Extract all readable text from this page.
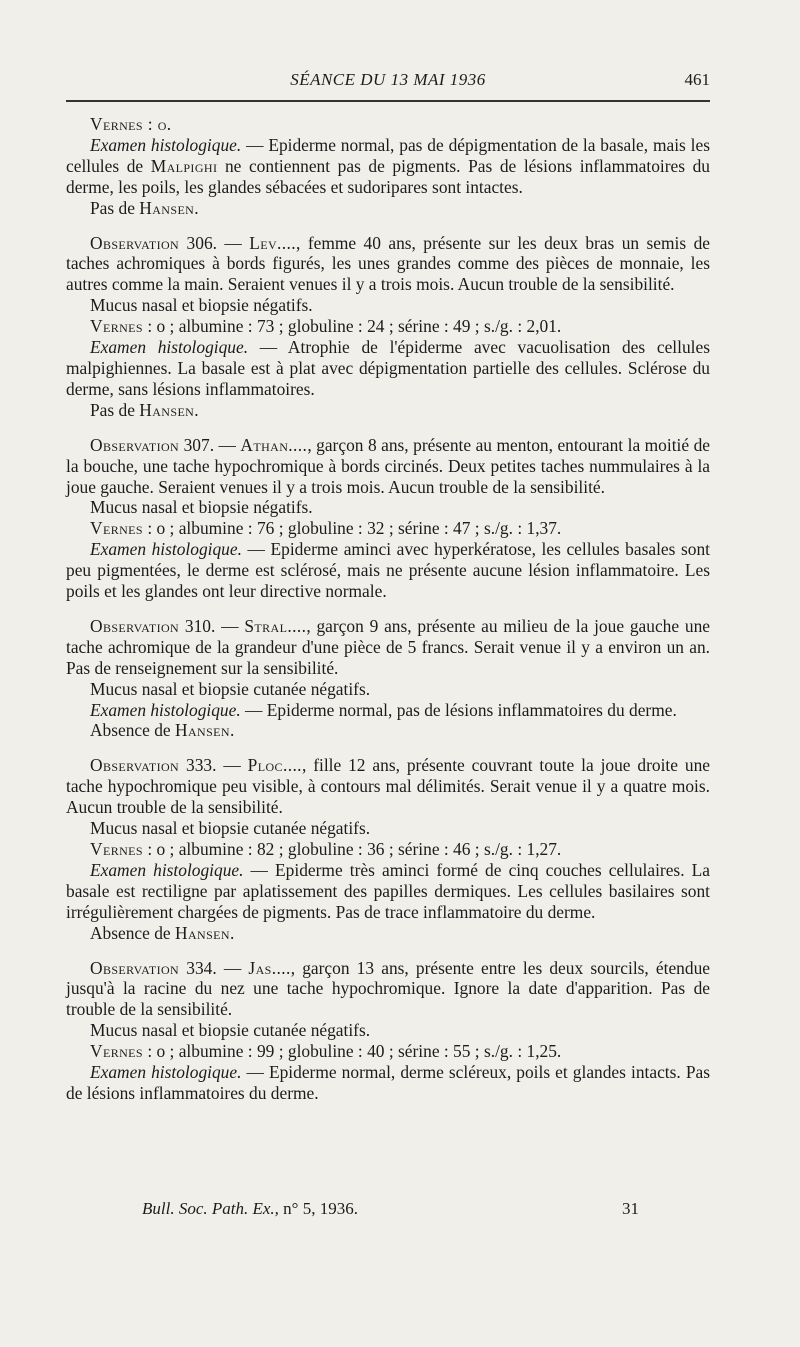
SÉANCE DU 13 MAI 1936	461

Vernes : o.

Examen histologique. — Epiderme normal, pas de dépigmentation de la basale, mais les cellules de Malpighi ne contiennent pas de pigments. Pas de lésions inflammatoires du derme, les poils, les glandes sébacées et sudoripares sont intactes.

Pas de Hansen.

Observation 306. — Lev...., femme 40 ans, présente sur les deux bras un semis de taches achromiques à bords figurés, les unes grandes comme des pièces de monnaie, les autres comme la main. Seraient venues il y a trois mois. Aucun trouble de la sensibilité.

Mucus nasal et biopsie négatifs.

Vernes : o ; albumine : 73 ; globuline : 24 ; sérine : 49 ; s./g. : 2,01.

Examen histologique. — Atrophie de l'épiderme avec vacuolisation des cellules malpighiennes. La basale est à plat avec dépigmentation partielle des cellules. Sclérose du derme, sans lésions inflammatoires.

Pas de Hansen.

Observation 307. — Athan...., garçon 8 ans, présente au menton, entourant la moitié de la bouche, une tache hypochromique à bords circinés. Deux petites taches nummulaires à la joue gauche. Seraient venues il y a trois mois. Aucun trouble de la sensibilité.

Mucus nasal et biopsie négatifs.

Vernes : o ; albumine : 76 ; globuline : 32 ; sérine : 47 ; s./g. : 1,37.

Examen histologique. — Epiderme aminci avec hyperkératose, les cellules basales sont peu pigmentées, le derme est sclérosé, mais ne présente aucune lésion inflammatoire. Les poils et les glandes ont leur directive normale.

Observation 310. — Stral...., garçon 9 ans, présente au milieu de la joue gauche une tache achromique de la grandeur d'une pièce de 5 francs. Serait venue il y a environ un an. Pas de renseignement sur la sensibilité.

Mucus nasal et biopsie cutanée négatifs.

Examen histologique. — Epiderme normal, pas de lésions inflammatoires du derme.

Absence de Hansen.

Observation 333. — Ploc...., fille 12 ans, présente couvrant toute la joue droite une tache hypochromique peu visible, à contours mal délimités. Serait venue il y a quatre mois. Aucun trouble de la sensibilité.

Mucus nasal et biopsie cutanée négatifs.

Vernes : o ; albumine : 82 ; globuline : 36 ; sérine : 46 ; s./g. : 1,27.

Examen histologique. — Epiderme très aminci formé de cinq couches cellulaires. La basale est rectiligne par aplatissement des papilles dermiques. Les cellules basilaires sont irrégulièrement chargées de pigments. Pas de trace inflammatoire du derme.

Absence de Hansen.

Observation 334. — Jas...., garçon 13 ans, présente entre les deux sourcils, étendue jusqu'à la racine du nez une tache hypochromique. Ignore la date d'apparition. Pas de trouble de la sensibilité.

Mucus nasal et biopsie cutanée négatifs.

Vernes : o ; albumine : 99 ; globuline : 40 ; sérine : 55 ; s./g. : 1,25.

Examen histologique. — Epiderme normal, derme scléreux, poils et glandes intacts. Pas de lésions inflammatoires du derme.

Bull. Soc. Path. Ex., n° 5, 1936.	31
